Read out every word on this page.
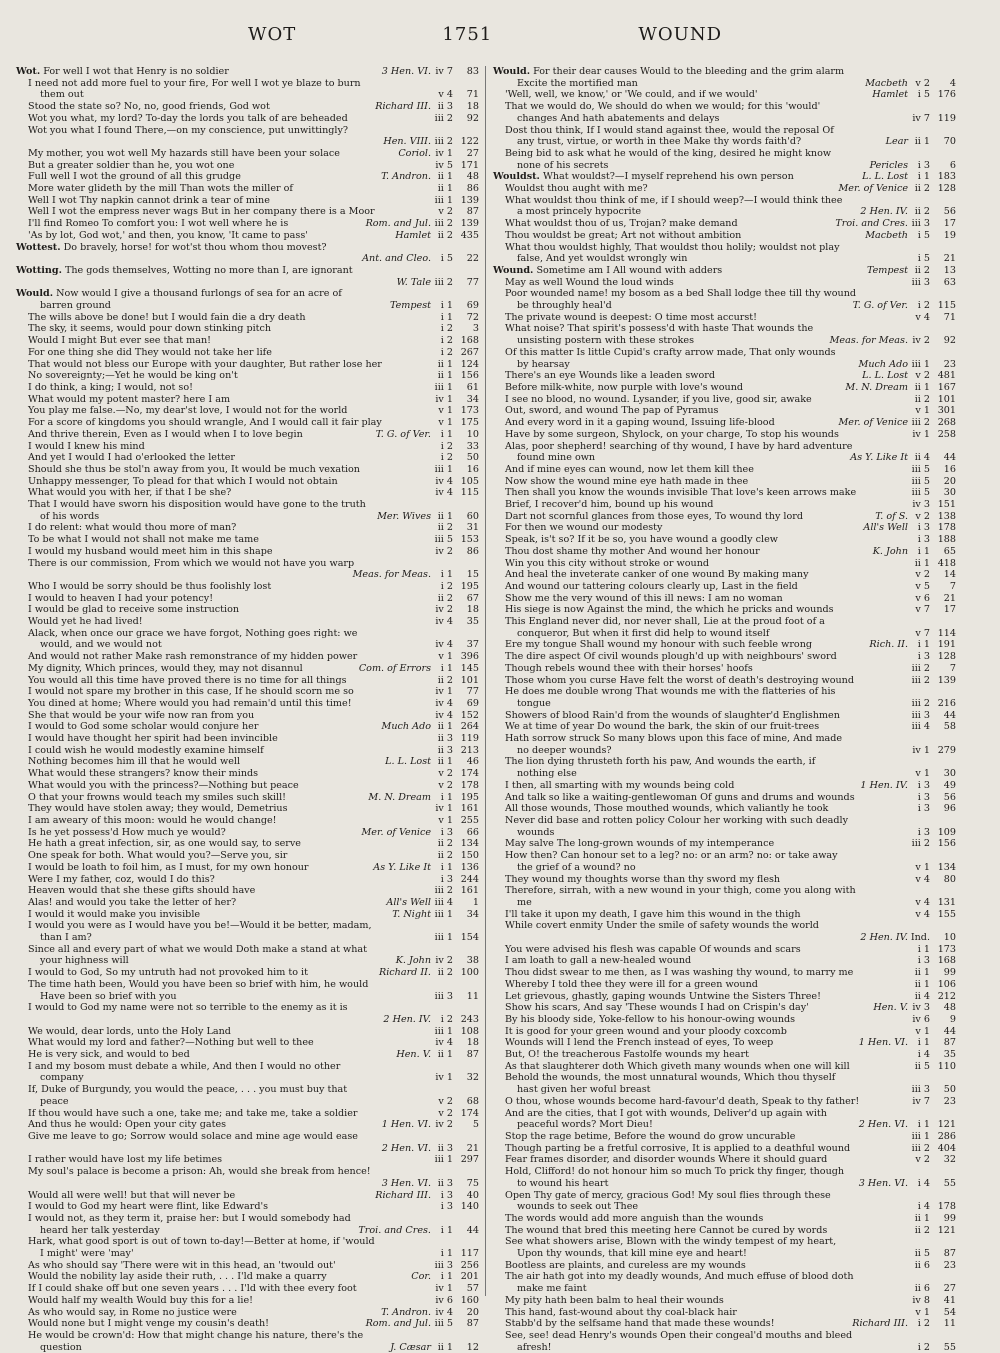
WOT	1751	WOUND
Wot. For well I wot that Henry is no soldier	3 Hen. VI. iv 7	83
I need not add more fuel to your fire, For well I wot ye blaze to burn
them out	v 4	71
Stood the state so? No, no, good friends, God wot	Richard III. ii 3	18
Wot you what, my lord? To-day the lords you talk of are beheaded	iii 2	92
Wot you what I found There,—on my conscience, put unwittingly?
Hen. VIII. iii 2 122
My mother, you wot well My hazards still have been your solace	Coriol. iv 1	27
But a greater soldier than he, you wot one	iv 5 171
Full well I wot the ground of all this grudge	T. Andron. ii 1	48
More water glideth by the mill Than wots the miller of	ii 1	86
Well I wot Thy napkin cannot drink a tear of mine	iii 1 139
Well I wot the empress never wags But in her company there is a Moor	v 2	87
I'll find Romeo To comfort you: I wot well where he is	Rom. and Jul. iii 2 139
'As by lot, God wot,' and then, you know, 'It came to pass'	Hamlet ii 2 435
Wottest. Do bravely, horse! for wot'st thou whom thou movest?
Ant. and Cleo.	i 5	22
Wotting. The gods themselves, Wotting no more than I, are ignorant
W. Tale iii 2	77
Would. Now would I give a thousand furlongs of sea for an acre of
barren ground	Tempest	i 1	69
The wills above be done! but I would fain die a dry death	i 1	72
The sky, it seems, would pour down stinking pitch	i 2	3
Would I might But ever see that man!	i 2 168
For one thing she did They would not take her life	i 2 267
That would not bless our Europe with your daughter, But rather lose her	ii 1 124
No sovereignty;—Yet he would be king on't	ii 1 156
I do think, a king; I would, not so!	iii 1	61
What would my potent master? here I am	iv 1	34
You play me false.—No, my dear'st love, I would not for the world	v 1 173
For a score of kingdoms you should wrangle, And I would call it fair play	v 1 175
And thrive therein, Even as I would when I to love begin	T. G. of Ver.	i 1	10
I would I knew his mind	i 2	33
And yet I would I had o'erlooked the letter	i 2	50
Should she thus be stol'n away from you, It would be much vexation	iii 1	16
Unhappy messenger, To plead for that which I would not obtain	iv 4 105
What would you with her, if that I be she?	iv 4 115
That I would have sworn his disposition would have gone to the truth
of his words	Mer. Wives ii 1	60
I do relent: what would thou more of man?	ii 2	31
To be what I would not shall not make me tame	iii 5 153
I would my husband would meet him in this shape	iv 2	86
There is our commission, From which we would not have you warp
Meas. for Meas.	i 1	15
Who I would be sorry should be thus foolishly lost	i 2 195
I would to heaven I had your potency!	ii 2	67
I would be glad to receive some instruction	iv 2	18
Would yet he had lived!	iv 4	35
Alack, when once our grace we have forgot, Nothing goes right: we
would, and we would not	iv 4	37
And would not rather Make rash remonstrance of my hidden power	v 1 396
My dignity, Which princes, would they, may not disannul	Com. of Errors	i 1 145
You would all this time have proved there is no time for all things	ii 2 101
I would not spare my brother in this case, If he should scorn me so	iv 1	77
You dined at home; Where would you had remain'd until this time!	iv 4	69
She that would be your wife now ran from you	iv 4 152
I would to God some scholar would conjure her	Much Ado ii 1 264
I would have thought her spirit had been invincible	ii 3 119
I could wish he would modestly examine himself	ii 3 213
Nothing becomes him ill that he would well	L. L. Lost ii 1	46
What would these strangers? know their minds	v 2 174
What would you with the princess?—Nothing but peace	v 2 178
O that your frowns would teach my smiles such skill!	M. N. Dream	i 1 195
They would have stolen away; they would, Demetrius	iv 1 161
I am aweary of this moon: would he would change!	v 1 255
Is he yet possess'd How much ye would?	Mer. of Venice	i 3	66
He hath a great infection, sir, as one would say, to serve	ii 2 134
One speak for both. What would you?—Serve you, sir	ii 2 150
I would be loath to foil him, as I must, for my own honour	As Y. Like It	i 1 136
Were I my father, coz, would I do this?	i 3 244
Heaven would that she these gifts should have	iii 2 161
Alas! and would you take the letter of her?	All's Well iii 4	1
I would it would make you invisible	T. Night iii 1	34
I would you were as I would have you be!—Would it be better, madam,
than I am?	iii 1 154
Since all and every part of what we would Doth make a stand at what
your highness will	K. John iv 2	38
I would to God, So my untruth had not provoked him to it	Richard II. ii 2 100
The time hath been, Would you have been so brief with him, he would
Have been so brief with you	iii 3	11
I would to God my name were not so terrible to the enemy as it is
2 Hen. IV.	i 2 243
We would, dear lords, unto the Holy Land	iii 1 108
What would my lord and father?—Nothing but well to thee	iv 4	18
He is very sick, and would to bed	Hen. V. ii 1	87
I and my bosom must debate a while, And then I would no other
company	iv 1	32
If, Duke of Burgundy, you would the peace, . . . you must buy that
peace	v 2	68
If thou would have such a one, take me; and take me, take a soldier	v 2 174
And thus he would: Open your city gates	1 Hen. VI. iv 2	5
Give me leave to go; Sorrow would solace and mine age would ease
2 Hen. VI. ii 3	21
I rather would have lost my life betimes	iii 1 297
My soul's palace is become a prison: Ah, would she break from hence!
3 Hen. VI. ii 3	75
Would all were well! but that will never be	Richard III.	i 3	40
I would to God my heart were flint, like Edward's	i 3 140
I would not, as they term it, praise her: but I would somebody had
heard her talk yesterday	Troi. and Cres.	i 1	44
Hark, what good sport is out of town to-day!—Better at home, if 'would
I might' were 'may'	i 1 117
As who should say 'There were wit in this head, an 'twould out'	iii 3 256
Would the nobility lay aside their ruth, . . . I'ld make a quarry	Cor.	i 1 201
If I could shake off but one seven years . . . I'ld with thee every foot	iv 1	57
Would half my wealth Would buy this for a lie!	iv 6 160
As who would say, in Rome no justice were	T. Andron. iv 4	20
Would none but I might venge my cousin's death!	Rom. and Jul. iii 5	87
He would be crown'd: How that might change his nature, there's the
question	J. Cæsar ii 1	12
Would. For their dear causes Would to the bleeding and the grim alarm
Excite the mortified man	Macbeth v 2	4
'Well, well, we know,' or 'We could, and if we would'	Hamlet	i 5 176
That we would do, We should do when we would; for this 'would'
changes And hath abatements and delays	iv 7 119
Dost thou think, If I would stand against thee, would the reposal Of
any trust, virtue, or worth in thee Make thy words faith'd?	Lear ii 1	70
Being bid to ask what he would of the king, desired he might know
none of his secrets	Pericles	i 3	6
Wouldst. What wouldst?—I myself reprehend his own person	L. L. Lost	i 1 183
Wouldst thou aught with me?	Mer. of Venice ii 2 128
What wouldst thou think of me, if I should weep?—I would think thee
a most princely hypocrite	2 Hen. IV. ii 2	56
What wouldst thou of us, Trojan? make demand	Troi. and Cres. iii 3	17
Thou wouldst be great; Art not without ambition	Macbeth	i 5	19
What thou wouldst highly, That wouldst thou holily; wouldst not play
false, And yet wouldst wrongly win	i 5	21
Wound. Sometime am I All wound with adders	Tempest ii 2	13
May as well Wound the loud winds	iii 3	63
Poor wounded name! my bosom as a bed Shall lodge thee till thy wound
be throughly heal'd	T. G. of Ver.	i 2 115
The private wound is deepest: O time most accurst!	v 4	71
What noise? That spirit's possess'd with haste That wounds the
unsisting postern with these strokes	Meas. for Meas. iv 2	92
Of this matter Is little Cupid's crafty arrow made, That only wounds
by hearsay	Much Ado iii 1	23
There's an eye Wounds like a leaden sword	L. L. Lost v 2 481
Before milk-white, now purple with love's wound	M. N. Dream ii 1 167
I see no blood, no wound. Lysander, if you live, good sir, awake	ii 2 101
Out, sword, and wound The pap of Pyramus	v 1 301
And every word in it a gaping wound, Issuing life-blood	Mer. of Venice iii 2 268
Have by some surgeon, Shylock, on your charge, To stop his wounds	iv 1 258
Alas, poor shepherd! searching of thy wound, I have by hard adventure
found mine own	As Y. Like It ii 4	44
And if mine eyes can wound, now let them kill thee	iii 5	16
Now show the wound mine eye hath made in thee	iii 5	20
Then shall you know the wounds invisible That love's keen arrows make	iii 5	30
Brief, I recover'd him, bound up his wound	iv 3 151
Dart not scornful glances from those eyes, To wound thy lord	T. of S. v 2 138
For then we wound our modesty	All's Well	i 3 178
Speak, is't so? If it be so, you have wound a goodly clew	i 3 188
Thou dost shame thy mother And wound her honour	K. John	i 1	65
Win you this city without stroke or wound	ii 1 418
And heal the inveterate canker of one wound By making many	v 2	14
And wound our tattering colours clearly up, Last in the field	v 5	7
Show me the very wound of this ill news: I am no woman	v 6	21
His siege is now Against the mind, the which he pricks and wounds	v 7	17
This England never did, nor never shall, Lie at the proud foot of a
conqueror, But when it first did help to wound itself	v 7 114
Ere my tongue Shall wound my honour with such feeble wrong	Rich. II.	i 1 191
The dire aspect Of civil wounds plough'd up with neighbours' sword	i 3 128
Though rebels wound thee with their horses' hoofs	iii 2	7
Those whom you curse Have felt the worst of death's destroying wound	iii 2 139
He does me double wrong That wounds me with the flatteries of his
tongue	iii 2 216
Showers of blood Rain'd from the wounds of slaughter'd Englishmen	iii 3	44
We at time of year Do wound the bark, the skin of our fruit-trees	iii 4	58
Hath sorrow struck So many blows upon this face of mine, And made
no deeper wounds?	iv 1 279
The lion dying thrusteth forth his paw, And wounds the earth, if
nothing else	v 1	30
I then, all smarting with my wounds being cold	1 Hen. IV.	i 3	49
And talk so like a waiting-gentlewoman Of guns and drums and wounds	i 3	56
All those wounds, Those mouthed wounds, which valiantly he took	i 3	96
Never did base and rotten policy Colour her working with such deadly
wounds	i 3 109
May salve The long-grown wounds of my intemperance	iii 2 156
How then? Can honour set to a leg? no: or an arm? no: or take away
the grief of a wound? no	v 1 134
They wound my thoughts worse than thy sword my flesh	v 4	80
Therefore, sirrah, with a new wound in your thigh, come you along with
me	v 4 131
I'll take it upon my death, I gave him this wound in the thigh	v 4 155
While covert enmity Under the smile of safety wounds the world
2 Hen. IV. Ind.	10
You were advised his flesh was capable Of wounds and scars	i 1 173
I am loath to gall a new-healed wound	i 3 168
Thou didst swear to me then, as I was washing thy wound, to marry me	ii 1	99
Whereby I told thee they were ill for a green wound	ii 1 106
Let grievous, ghastly, gaping wounds Untwine the Sisters Three!	ii 4 212
Show his scars, And say 'These wounds I had on Crispin's day'	Hen. V. iv 3	48
By his bloody side, Yoke-fellow to his honour-owing wounds	iv 6	9
It is good for your green wound and your ploody coxcomb	v 1	44
Wounds will I lend the French instead of eyes, To weep	1 Hen. VI.	i 1	87
But, O! the treacherous Fastolfe wounds my heart	i 4	35
As that slaughterer doth Which giveth many wounds when one will kill	ii 5 110
Behold the wounds, the most unnatural wounds, Which thou thyself
hast given her woful breast	iii 3	50
O thou, whose wounds become hard-favour'd death, Speak to thy father!	iv 7	23
And are the cities, that I got with wounds, Deliver'd up again with
peaceful words? Mort Dieu!	2 Hen. VI.	i 1 121
Stop the rage betime, Before the wound do grow uncurable	iii 1 286
Though parting be a fretful corrosive, It is applied to a deathful wound	iii 2 404
Fear frames disorder, and disorder wounds Where it should guard	v 2	32
Hold, Clifford! do not honour him so much To prick thy finger, though
to wound his heart	3 Hen. VI.	i 4	55
Open Thy gate of mercy, gracious God! My soul flies through these
wounds to seek out Thee	i 4 178
The words would add more anguish than the wounds	ii 1	99
The wound that bred this meeting here Cannot be cured by words	ii 2 121
See what showers arise, Blown with the windy tempest of my heart,
Upon thy wounds, that kill mine eye and heart!	ii 5	87
Bootless are plaints, and cureless are my wounds	ii 6	23
The air hath got into my deadly wounds, And much effuse of blood doth
make me faint	ii 6	27
My pity hath been balm to heal their wounds	iv 8	41
This hand, fast-wound about thy coal-black hair	v 1	54
Stabb'd by the selfsame hand that made these wounds!	Richard III.	i 2	11
See, see! dead Henry's wounds Open their congeal'd mouths and bleed
afresh!	i 2	55
